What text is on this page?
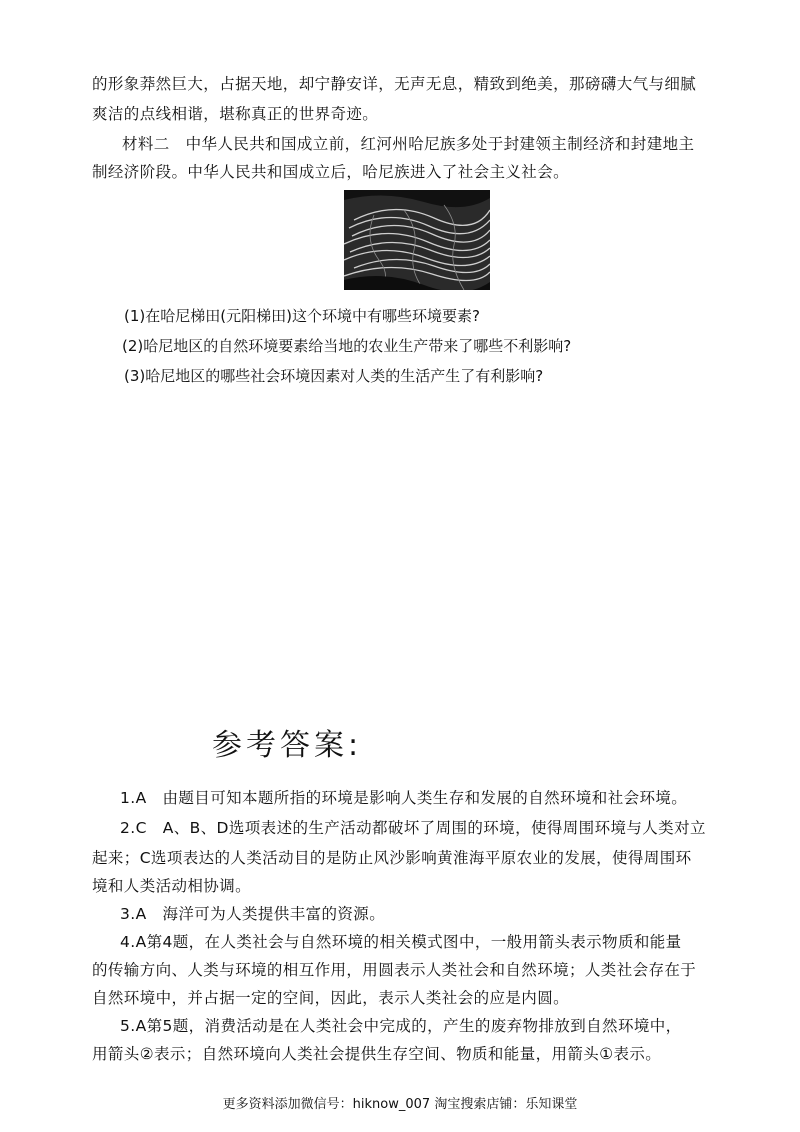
的形象莽然巨大，占据天地，却宁静安详，无声无息，精致到绝美，那磅礴大气与细腻
爽洁的点线相谐，堪称真正的世界奇迹。
材料二　中华人民共和国成立前，红河州哈尼族多处于封建领主制经济和封建地主
制经济阶段。中华人民共和国成立后，哈尼族进入了社会主义社会。
(1)在哈尼梯田(元阳梯田)这个环境中有哪些环境要素?
(2)哈尼地区的自然环境要素给当地的农业生产带来了哪些不利影响?
(3)哈尼地区的哪些社会环境因素对人类的生活产生了有利影响?
参考答案:
1.A　由题目可知本题所指的环境是影响人类生存和发展的自然环境和社会环境。
2.C　A、B、D选项表述的生产活动都破坏了周围的环境，使得周围环境与人类对立
起来；C选项表达的人类活动目的是防止风沙影响黄淮海平原农业的发展，使得周围环
境和人类活动相协调。
3.A　海洋可为人类提供丰富的资源。
4.A第4题，在人类社会与自然环境的相关模式图中，一般用箭头表示物质和能量
的传输方向、人类与环境的相互作用，用圆表示人类社会和自然环境；人类社会存在于
自然环境中，并占据一定的空间，因此，表示人类社会的应是内圆。
5.A第5题，消费活动是在人类社会中完成的，产生的废弃物排放到自然环境中，
用箭头②表示；自然环境向人类社会提供生存空间、物质和能量，用箭头①表示。
更多资料添加微信号：hiknow_007 淘宝搜索店铺：乐知课堂
